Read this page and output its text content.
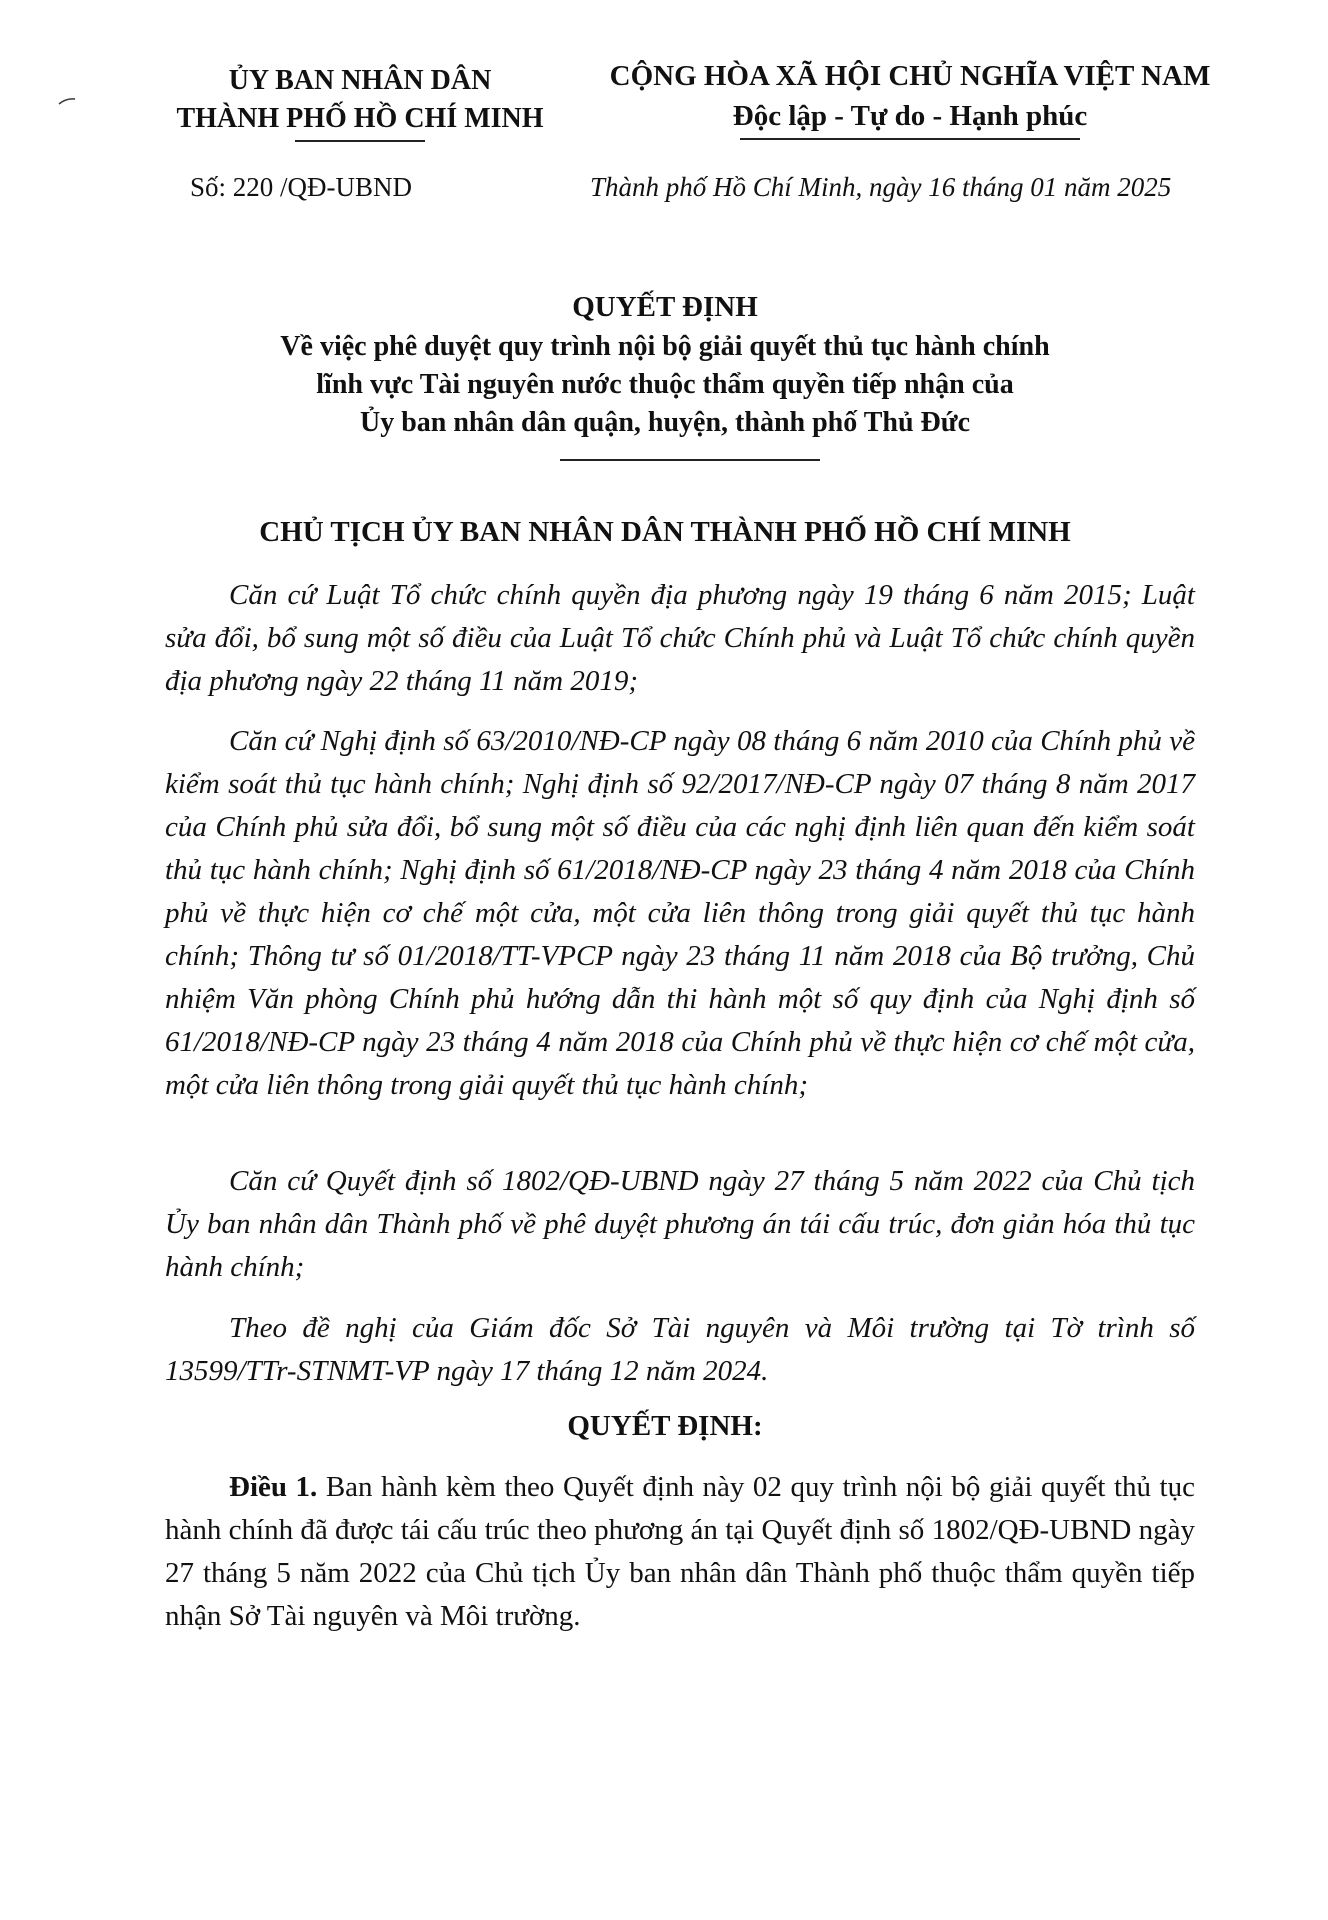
ỦY BAN NHÂN DÂN
THÀNH PHỐ HỒ CHÍ MINH
CỘNG HÒA XÃ HỘI CHỦ NGHĨA VIỆT NAM
Độc lập - Tự do - Hạnh phúc
Số: 220 /QĐ-UBND	Thành phố Hồ Chí Minh, ngày 16 tháng 01 năm 2025
QUYẾT ĐỊNH
Về việc phê duyệt quy trình nội bộ giải quyết thủ tục hành chính
lĩnh vực Tài nguyên nước thuộc thẩm quyền tiếp nhận của
Ủy ban nhân dân quận, huyện, thành phố Thủ Đức
CHỦ TỊCH ỦY BAN NHÂN DÂN THÀNH PHỐ HỒ CHÍ MINH
Căn cứ Luật Tổ chức chính quyền địa phương ngày 19 tháng 6 năm 2015; Luật sửa đổi, bổ sung một số điều của Luật Tổ chức Chính phủ và Luật Tổ chức chính quyền địa phương ngày 22 tháng 11 năm 2019;
Căn cứ Nghị định số 63/2010/NĐ-CP ngày 08 tháng 6 năm 2010 của Chính phủ về kiểm soát thủ tục hành chính; Nghị định số 92/2017/NĐ-CP ngày 07 tháng 8 năm 2017 của Chính phủ sửa đổi, bổ sung một số điều của các nghị định liên quan đến kiểm soát thủ tục hành chính; Nghị định số 61/2018/NĐ-CP ngày 23 tháng 4 năm 2018 của Chính phủ về thực hiện cơ chế một cửa, một cửa liên thông trong giải quyết thủ tục hành chính; Thông tư số 01/2018/TT-VPCP ngày 23 tháng 11 năm 2018 của Bộ trưởng, Chủ nhiệm Văn phòng Chính phủ hướng dẫn thi hành một số quy định của Nghị định số 61/2018/NĐ-CP ngày 23 tháng 4 năm 2018 của Chính phủ về thực hiện cơ chế một cửa, một cửa liên thông trong giải quyết thủ tục hành chính;
Căn cứ Quyết định số 1802/QĐ-UBND ngày 27 tháng 5 năm 2022 của Chủ tịch Ủy ban nhân dân Thành phố về phê duyệt phương án tái cấu trúc, đơn giản hóa thủ tục hành chính;
Theo đề nghị của Giám đốc Sở Tài nguyên và Môi trường tại Tờ trình số 13599/TTr-STNMT-VP ngày 17 tháng 12 năm 2024.
QUYẾT ĐỊNH:
Điều 1. Ban hành kèm theo Quyết định này 02 quy trình nội bộ giải quyết thủ tục hành chính đã được tái cấu trúc theo phương án tại Quyết định số 1802/QĐ-UBND ngày 27 tháng 5 năm 2022 của Chủ tịch Ủy ban nhân dân Thành phố thuộc thẩm quyền tiếp nhận Sở Tài nguyên và Môi trường.
